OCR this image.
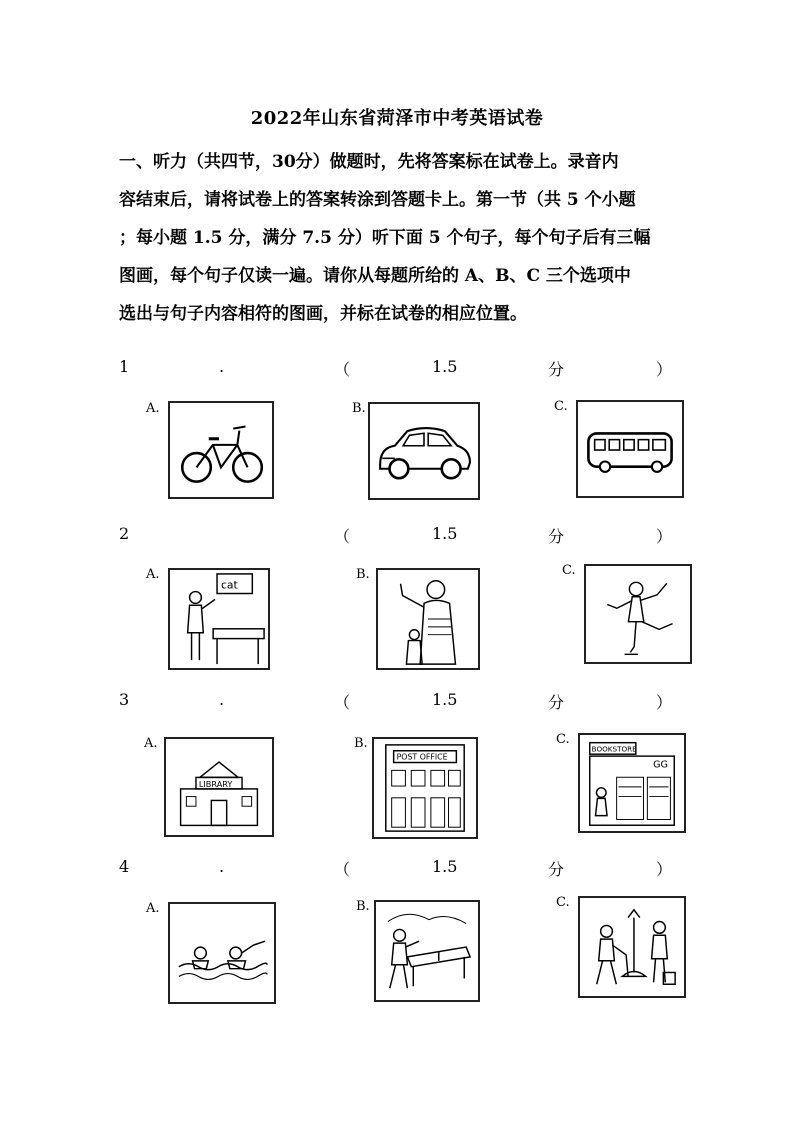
2022年山东省菏泽市中考英语试卷
一、听力（共四节，30分）做题时，先将答案标在试卷上。录音内
容结束后，请将试卷上的答案转涂到答题卡上。第一节（共 5 个小题
；每小题 1.5 分，满分 7.5 分）听下面 5 个句子，每个句子后有三幅
图画，每个句子仅读一遍。请你从每题所给的 A、B、C 三个选项中
选出与句子内容相符的图画，并标在试卷的相应位置。
1	.	（	1.5	分	）
A.	B.	C.
2	（	1.5	分	）
A.
cat
B.	C.
3	.	（	1.5	分	）
A.
LIBRARY
B.
POST OFFICE
C.
BOOKSTORE
GG
4	.	（	1.5	分	）
A.	B.	C.
